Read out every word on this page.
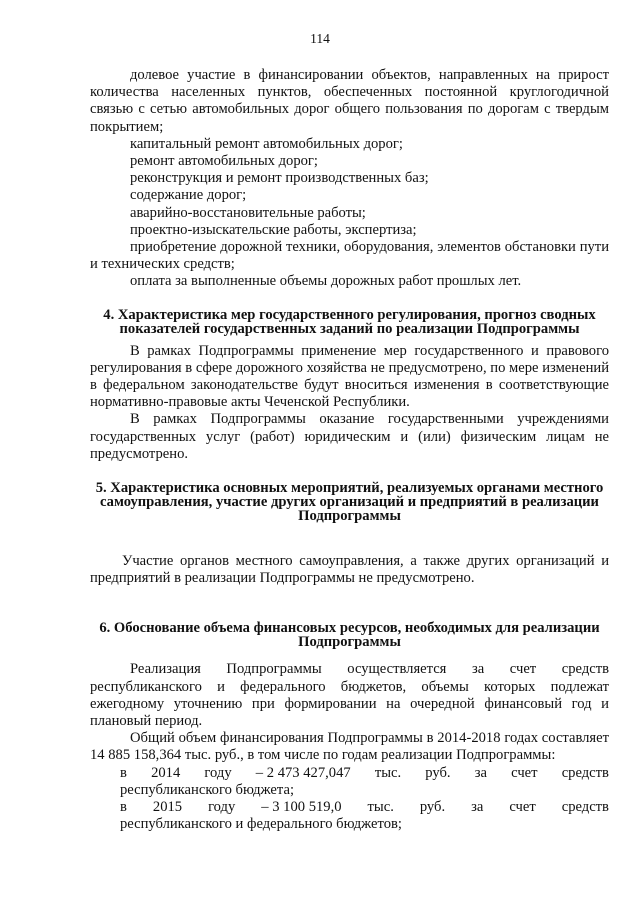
114

долевое участие в финансировании объектов, направленных на прирост количества населенных пунктов, обеспеченных постоянной круглогодичной связью с сетью автомобильных дорог общего пользования по дорогам с твердым покрытием;

капитальный ремонт автомобильных дорог;

ремонт автомобильных дорог;

реконструкция и ремонт производственных баз;

содержание дорог;

аварийно-восстановительные работы;

проектно-изыскательские работы, экспертиза;

приобретение дорожной техники, оборудования, элементов обстановки пути и технических средств;

оплата за выполненные объемы дорожных работ прошлых лет.

4. Характеристика мер государственного регулирования, прогноз сводных показателей государственных заданий по реализации Подпрограммы

В рамках Подпрограммы применение мер государственного и правового регулирования в сфере дорожного хозяйства не предусмотрено, по мере изменений в федеральном законодательстве будут вноситься изменения в соответствующие нормативно-правовые акты Чеченской Республики.

В рамках Подпрограммы оказание государственными учреждениями государственных услуг (работ) юридическим и (или) физическим лицам не предусмотрено.

5. Характеристика основных мероприятий, реализуемых органами местного самоуправления, участие других организаций и предприятий в реализации Подпрограммы

Участие органов местного самоуправления, а также других организаций и предприятий в реализации Подпрограммы не предусмотрено.

6. Обоснование объема финансовых ресурсов, необходимых для реализации Подпрограммы

Реализация Подпрограммы осуществляется за счет средств республиканского и федерального бюджетов, объемы которых подлежат ежегодному уточнению при формировании на очередной финансовый год и плановый период.

Общий объем финансирования Подпрограммы в 2014-2018 годах составляет 14 885 158,364 тыс. руб., в том числе по годам реализации Подпрограммы:

в 2014 году – 2 473 427,047 тыс. руб. за счет средств
республиканского бюджета;
в 2015 году – 3 100 519,0 тыс. руб. за счет средств
республиканского и федерального бюджетов;
